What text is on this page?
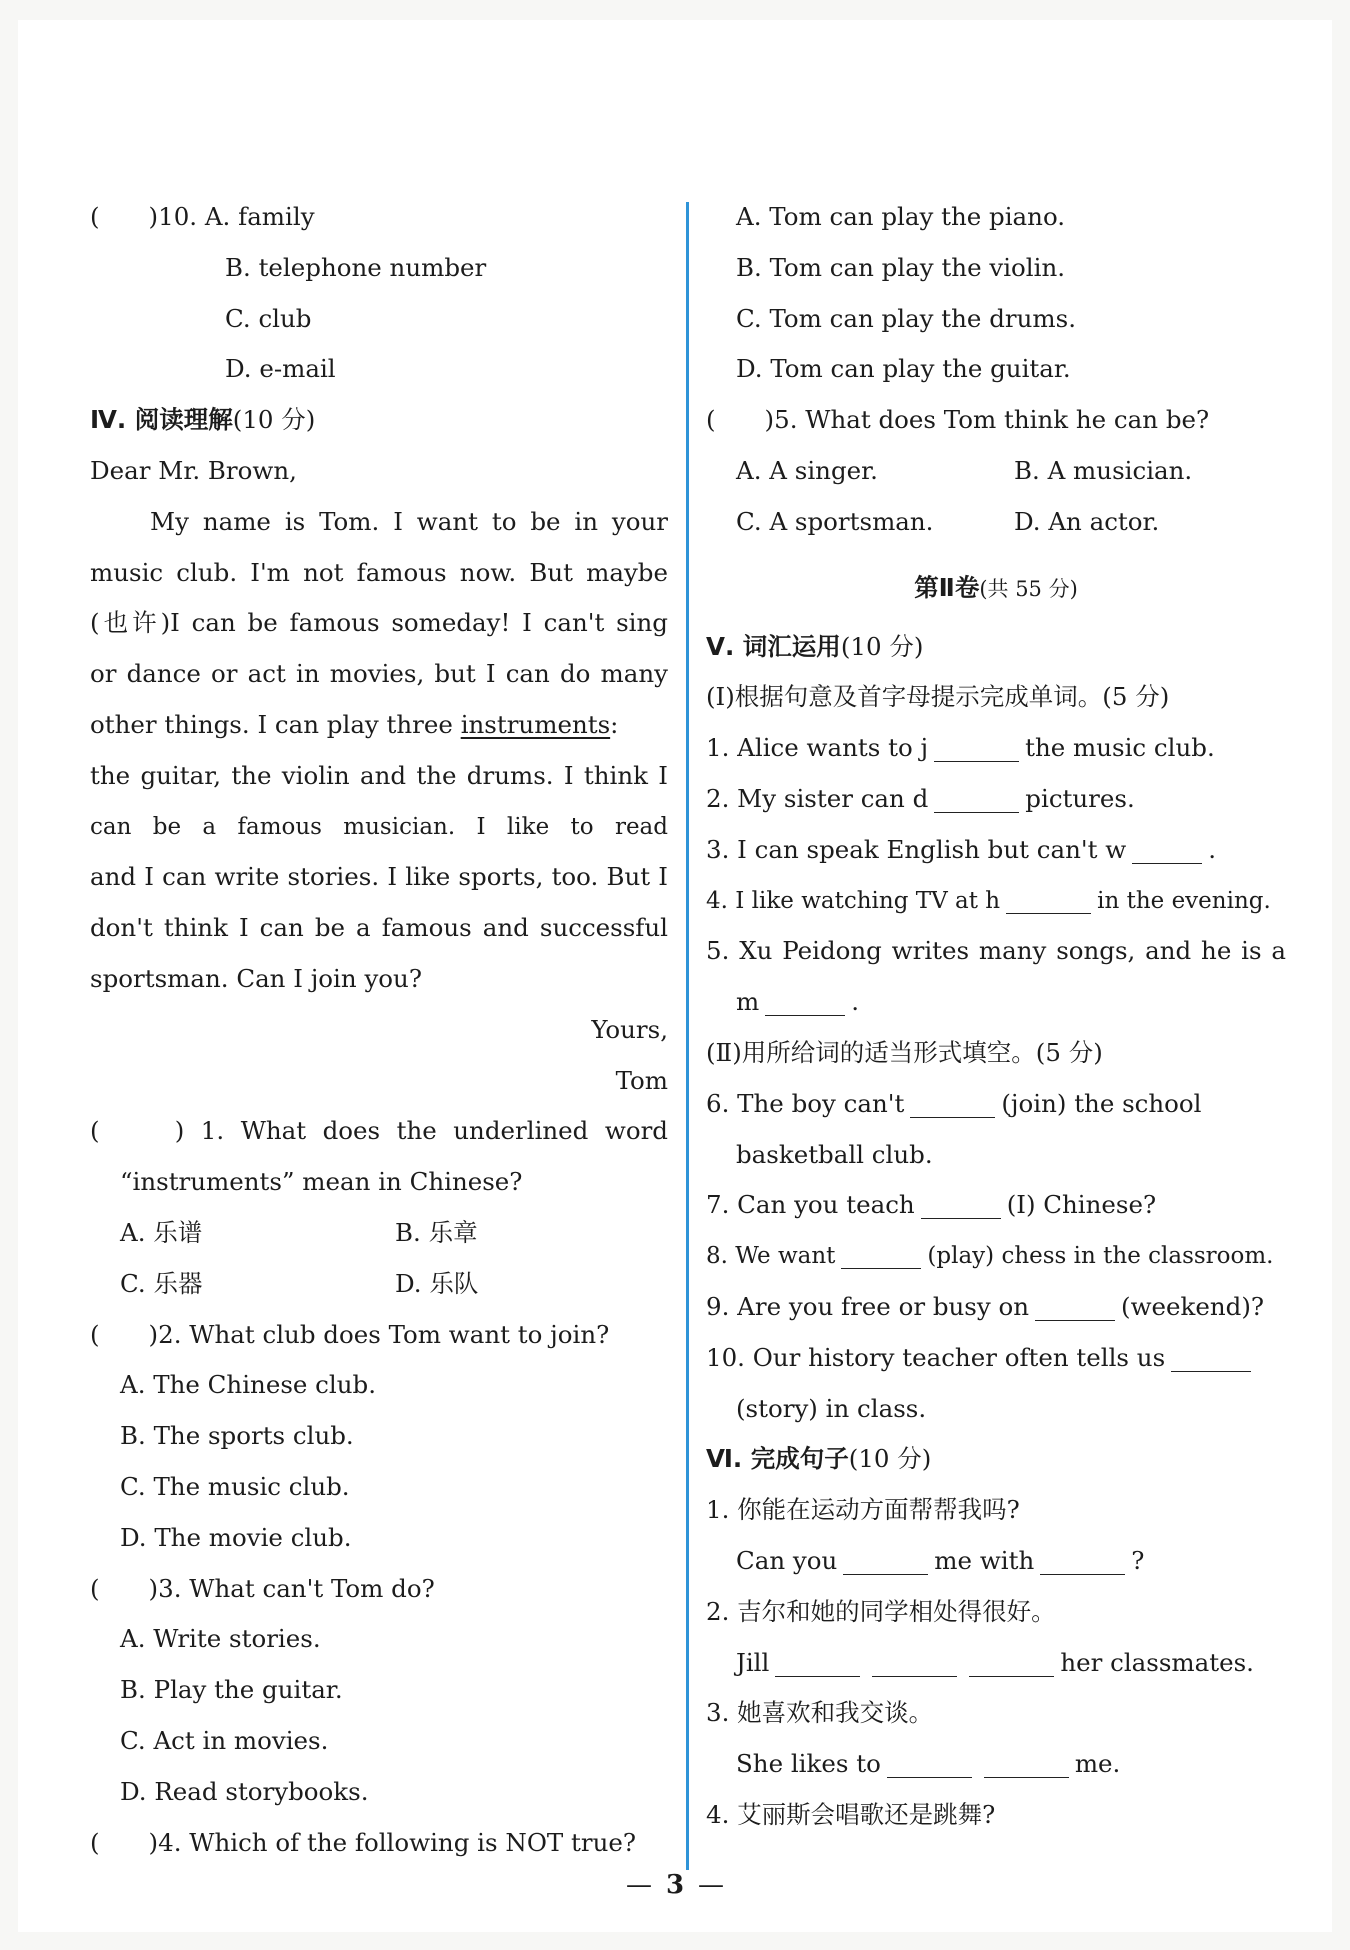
(　　)10. A. family
B. telephone number
C. club
D. e-mail
Ⅳ. 阅读理解(10 分)
Dear Mr. Brown,
My name is Tom. I want to be in your
music club. I'm not famous now. But maybe
(也许)I can be famous someday! I can't sing
or dance or act in movies, but I can do many
other things. I can play three instruments:
the guitar, the violin and the drums. I think I
can be a famous musician. I like to read
and I can write stories. I like sports, too. But I
don't think I can be a famous and successful
sportsman. Can I join you?
Yours,
Tom
(　　) 1. What does the underlined word
“instruments” mean in Chinese?
A. 乐谱	B. 乐章
C. 乐器	D. 乐队
(　　)2. What club does Tom want to join?
A. The Chinese club.
B. The sports club.
C. The music club.
D. The movie club.
(　　)3. What can't Tom do?
A. Write stories.
B. Play the guitar.
C. Act in movies.
D. Read storybooks.
(　　)4. Which of the following is NOT true?
A. Tom can play the piano.
B. Tom can play the violin.
C. Tom can play the drums.
D. Tom can play the guitar.
(　　)5. What does Tom think he can be?
A. A singer.	B. A musician.
C. A sportsman.	D. An actor.
第Ⅱ卷(共 55 分)
Ⅴ. 词汇运用(10 分)
(Ⅰ)根据句意及首字母提示完成单词。(5 分)
1. Alice wants to j	the music club.
2. My sister can d	pictures.
3. I can speak English but can't w	.
4. I like watching TV at h	in the evening.
5. Xu Peidong writes many songs, and he is a
m	.
(Ⅱ)用所给词的适当形式填空。(5 分)
6. The boy can't	(join) the school
basketball club.
7. Can you teach	(I) Chinese?
8. We want	(play) chess in the classroom.
9. Are you free or busy on	(weekend)?
10. Our history teacher often tells us
(story) in class.
Ⅵ. 完成句子(10 分)
1. 你能在运动方面帮帮我吗?
Can you	me with	?
2. 吉尔和她的同学相处得很好。
Jill	her classmates.
3. 她喜欢和我交谈。
She likes to	me.
4. 艾丽斯会唱歌还是跳舞?
— 3 —
